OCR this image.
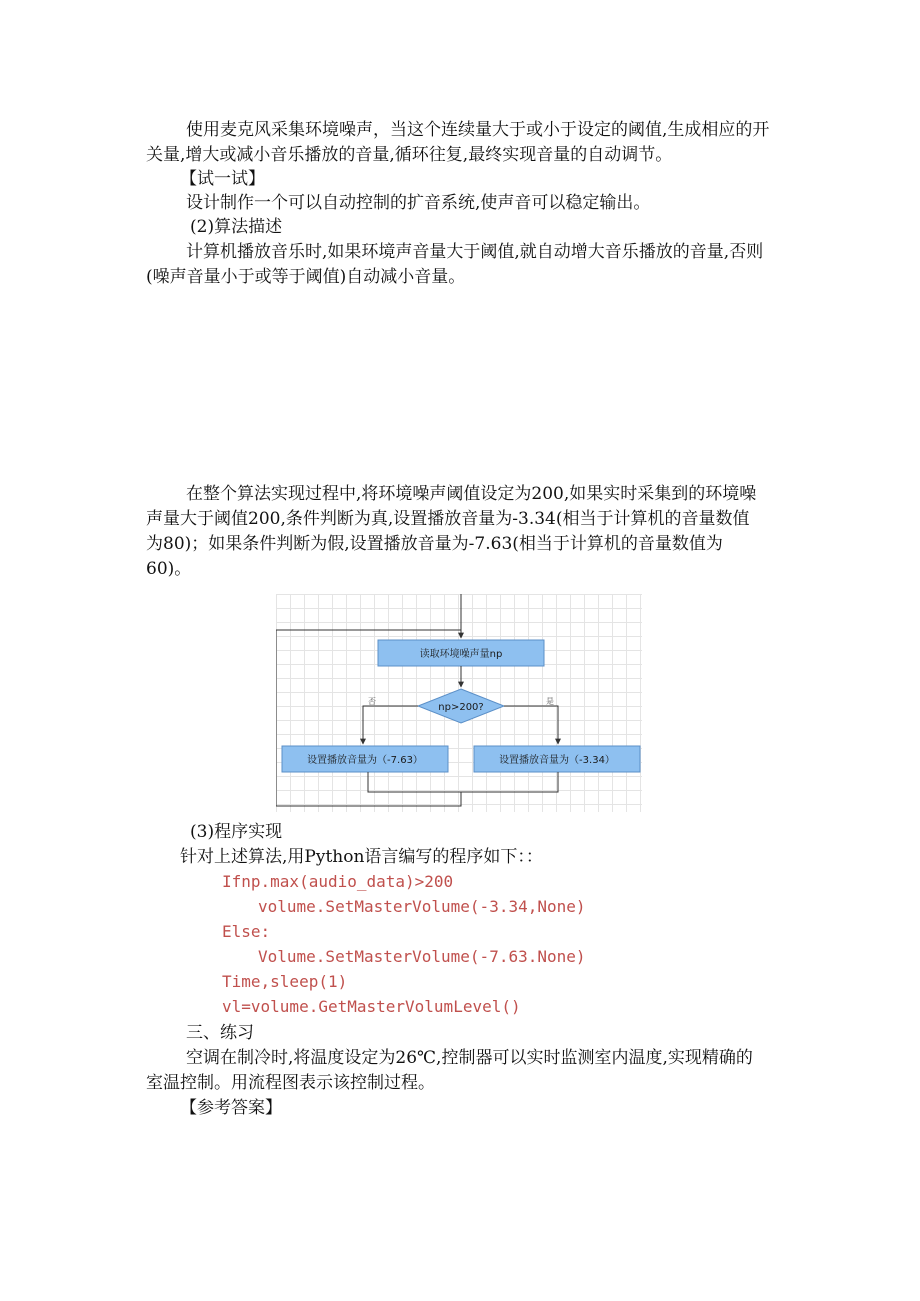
使用麦克风采集环境噪声，当这个连续量大于或小于设定的阈值,生成相应的开
关量,增大或减小音乐播放的音量,循环往复,最终实现音量的自动调节。
【试一试】
设计制作一个可以自动控制的扩音系统,使声音可以稳定输出。
(2)算法描述
计算机播放音乐时,如果环境声音量大于阈值,就自动增大音乐播放的音量,否则
(噪声音量小于或等于阈值)自动减小音量。
在整个算法实现过程中,将环境噪声阈值设定为200,如果实时采集到的环境噪
声量大于阈值200,条件判断为真,设置播放音量为-3.34(相当于计算机的音量数值
为80)；如果条件判断为假,设置播放音量为-7.63(相当于计算机的音量数值为
60)。
读取环境噪声量np
np>200?
否	是
设置播放音量为（-7.63）	设置播放音量为（-3.34）
(3)程序实现
针对上述算法,用Python语言编写的程序如下：：
Ifnp.max(audio_data)>200
volume.SetMasterVolume(-3.34,None)
Else:
Volume.SetMasterVolume(-7.63.None)
Time,sleep(1)
vl=volume.GetMasterVolumLevel()
三、练习
空调在制冷时,将温度设定为26℃,控制器可以实时监测室内温度,实现精确的
室温控制。用流程图表示该控制过程。
【参考答案】
